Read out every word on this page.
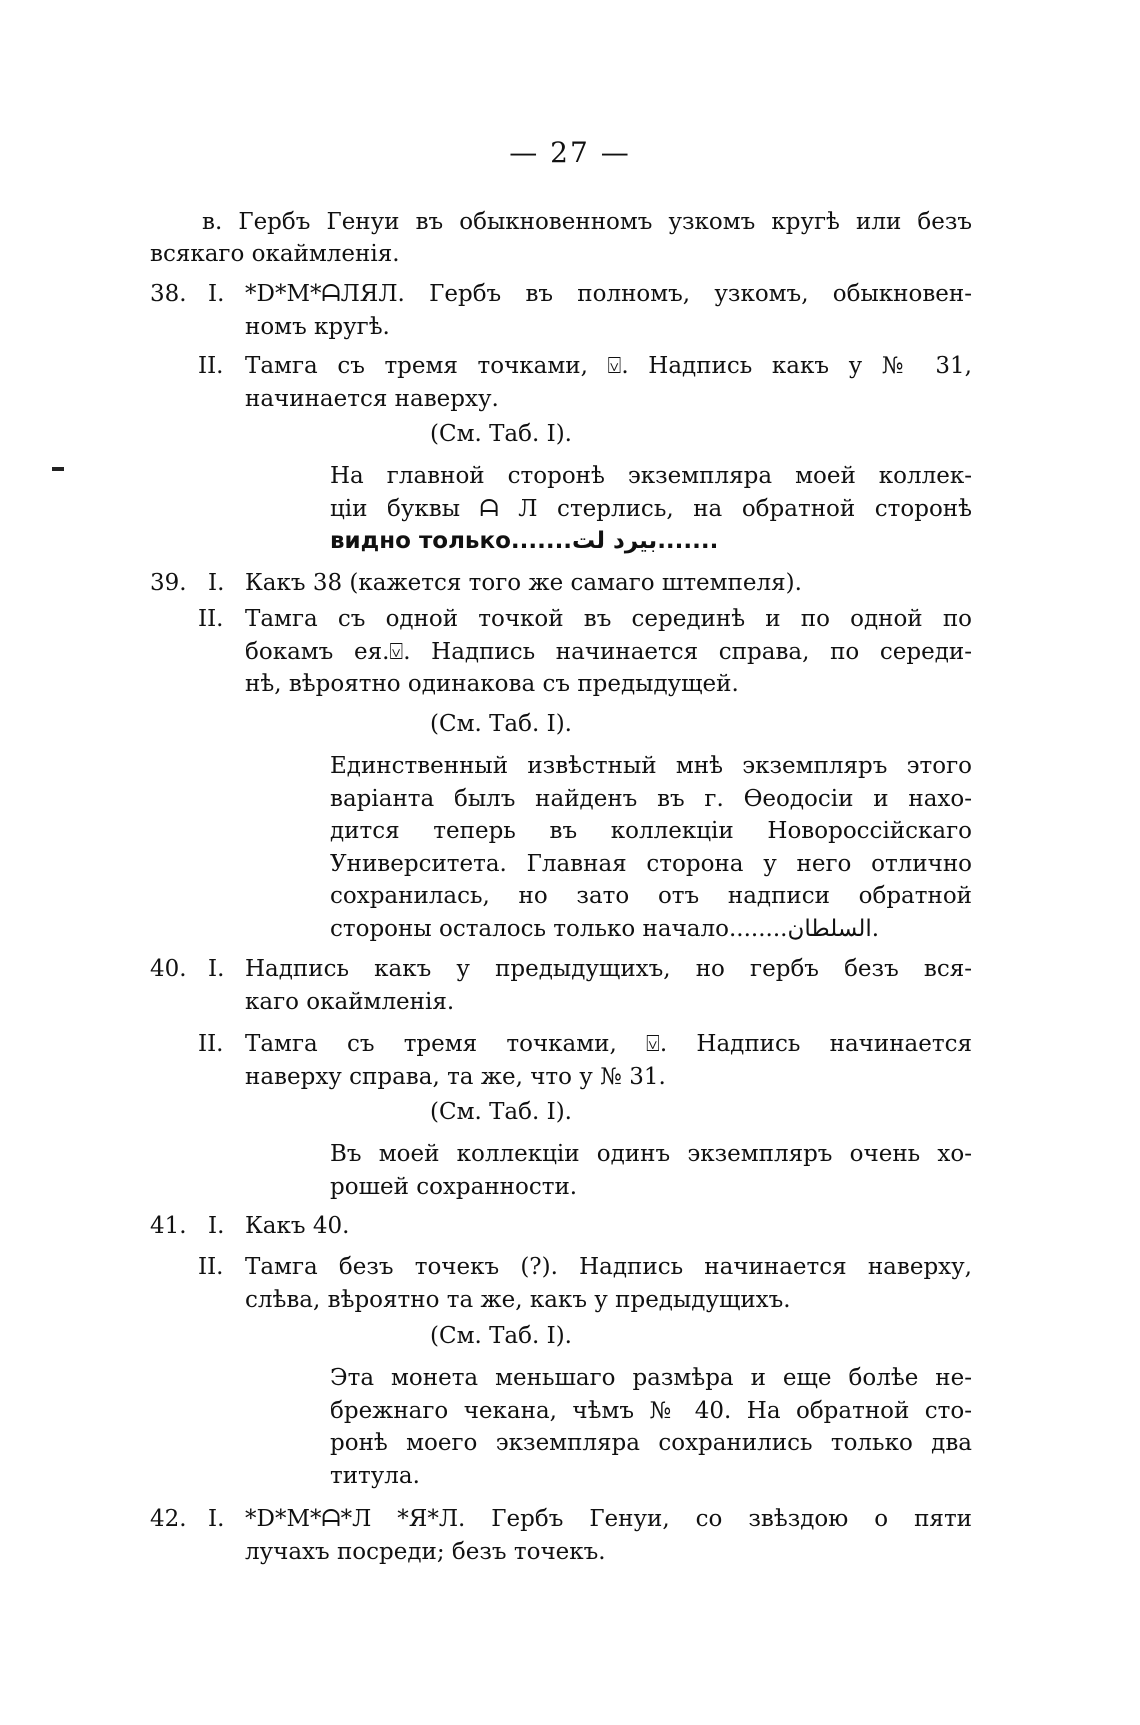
— 27 —
в. Гербъ Генуи въ обыкновенномъ узкомъ кругѣ или безъ
всякаго окаймленія.
38. I. *D*M*ᗩЛЯЛ. Гербъ въ полномъ, узкомъ, обыкновен-
номъ кругѣ.
II. Тамга съ тремя точками, ⍌. Надпись какъ у № 31,
начинается наверху.
(См. Таб. I).
На главной сторонѣ экземпляра моей коллек-
ціи буквы ᗩ Л стерлись, на обратной сторонѣ
видно только.......ﺑﻴﺮﺩ ﻟﺖ.......
39. I. Какъ 38 (кажется того же самаго штемпеля).
II. Тамга съ одной точкой въ серединѣ и по одной по
бокамъ ея.⍌. Надпись начинается справа, по середи-
нѣ, вѣроятно одинакова съ предыдущей.
(См. Таб. I).
Единственный извѣстный мнѣ экземпляръ этого
варіанта былъ найденъ въ г. Ѳеодосіи и нахо-
дится теперь въ коллекціи Новороссійскаго
Университета. Главная сторона у него отлично
сохранилась, но зато отъ надписи обратной
стороны осталось только начало........السلطان.
40. I. Надпись какъ у предыдущихъ, но гербъ безъ вся-
каго окаймленія.
II. Тамга съ тремя точками, ⍌. Надпись начинается
наверху справа, та же, что у № 31.
(См. Таб. I).
Въ моей коллекціи одинъ экземпляръ очень хо-
рошей сохранности.
41. I. Какъ 40.
II. Тамга безъ точекъ (?). Надпись начинается наверху,
слѣва, вѣроятно та же, какъ у предыдущихъ.
(См. Таб. I).
Эта монета меньшаго размѣра и еще болѣе не-
брежнаго чекана, чѣмъ № 40. На обратной сто-
ронѣ моего экземпляра сохранились только два
титула.
42. I. *D*M*ᗩ*Л *Я*Л. Гербъ Генуи, со звѣздою о пяти
лучахъ посреди; безъ точекъ.
